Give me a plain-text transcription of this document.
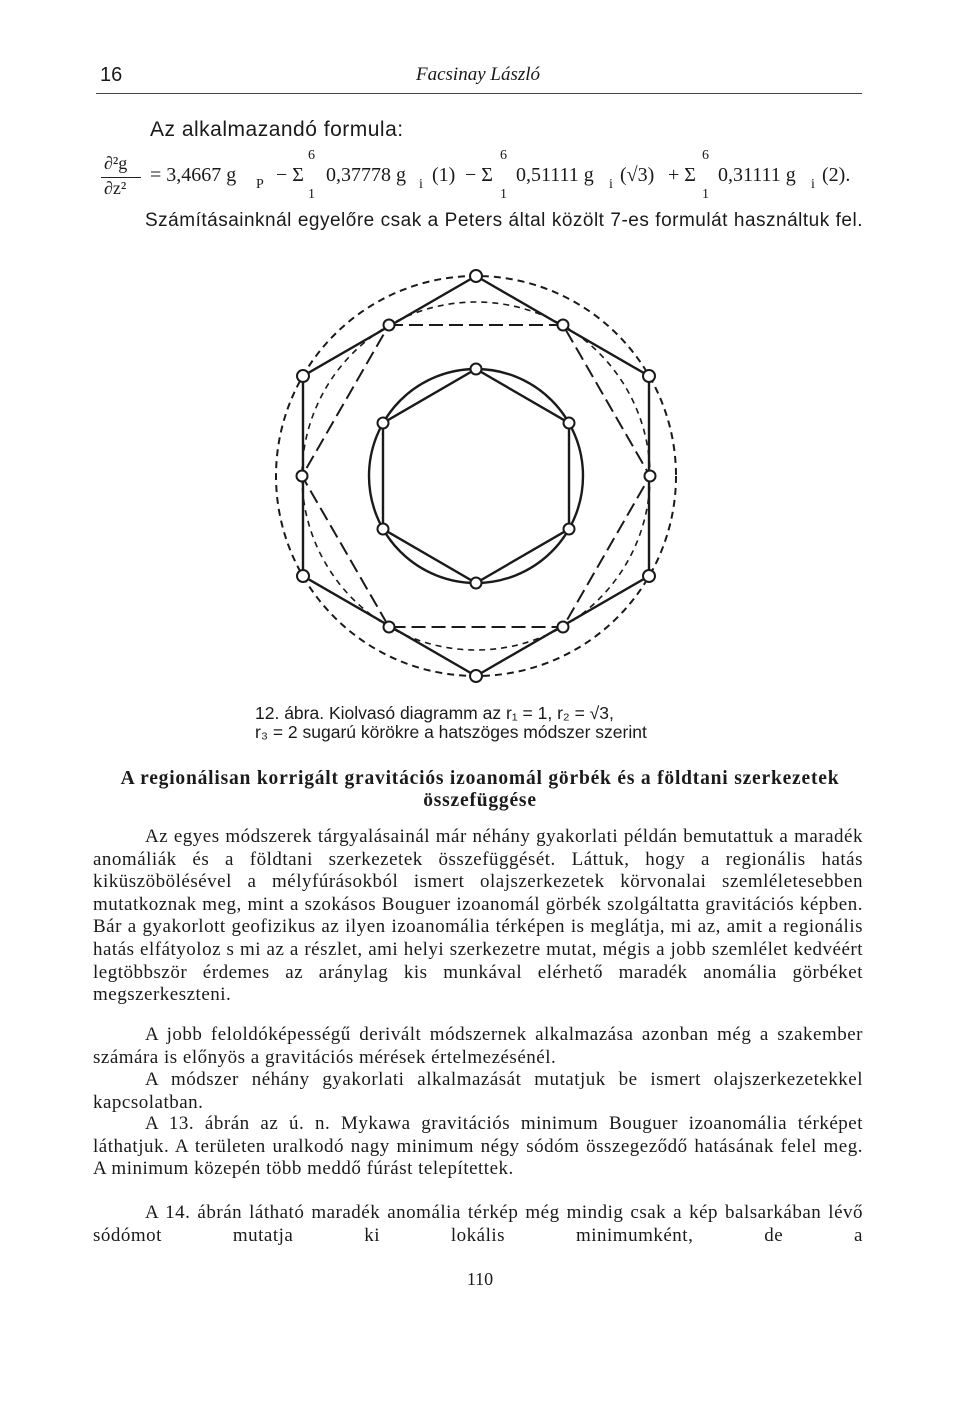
16	Facsinay László
Az alkalmazandó formula:
∂²g
∂z²
= 3,4667 g P − Σ
6
1
0,37778 g i (1) − Σ
6
1
0,51111 g i (√3) + Σ
6
1
0,31111 g i (2).
Számításainknál egyelőre csak a Peters által közölt 7-es formulát használtuk fel.
12. ábra. Kiolvasó diagramm az r₁ = 1, r₂ = √3,
r₃ = 2 sugarú körökre a hatszöges módszer szerint
A regionálisan korrigált gravitációs izoanomál görbék és a földtani szerkezetek összefüggése
Az egyes módszerek tárgyalásainál már néhány gyakorlati példán bemutattuk a maradék anomáliák és a földtani szerkezetek összefüggését. Láttuk, hogy a regionális hatás kiküszöbölésével a mélyfúrásokból ismert olajszerkezetek körvonalai szemléletesebben mutatkoznak meg, mint a szokásos Bouguer izoanomál görbék szolgáltatta gravitációs képben. Bár a gyakorlott geofizikus az ilyen izoanomália térképen is meglátja, mi az, amit a regionális hatás elfátyoloz s mi az a részlet, ami helyi szerkezetre mutat, mégis a jobb szemlélet kedvéért legtöbbször érdemes az aránylag kis munkával elérhető maradék anomália görbéket megszerkeszteni.
A jobb feloldóképességű derivált módszernek alkalmazása azonban még a szakember számára is előnyös a gravitációs mérések értelmezésénél.
A módszer néhány gyakorlati alkalmazását mutatjuk be ismert olajszerkezetekkel kapcsolatban.
A 13. ábrán az ú. n. Mykawa gravitációs minimum Bouguer izoanomália térképet láthatjuk. A területen uralkodó nagy minimum négy sódóm összegeződő hatásának felel meg. A minimum közepén több meddő fúrást telepítettek.
A 14. ábrán látható maradék anomália térkép még mindig csak a kép balsarkában lévő sódómot mutatja ki lokális minimumként, de a
110
